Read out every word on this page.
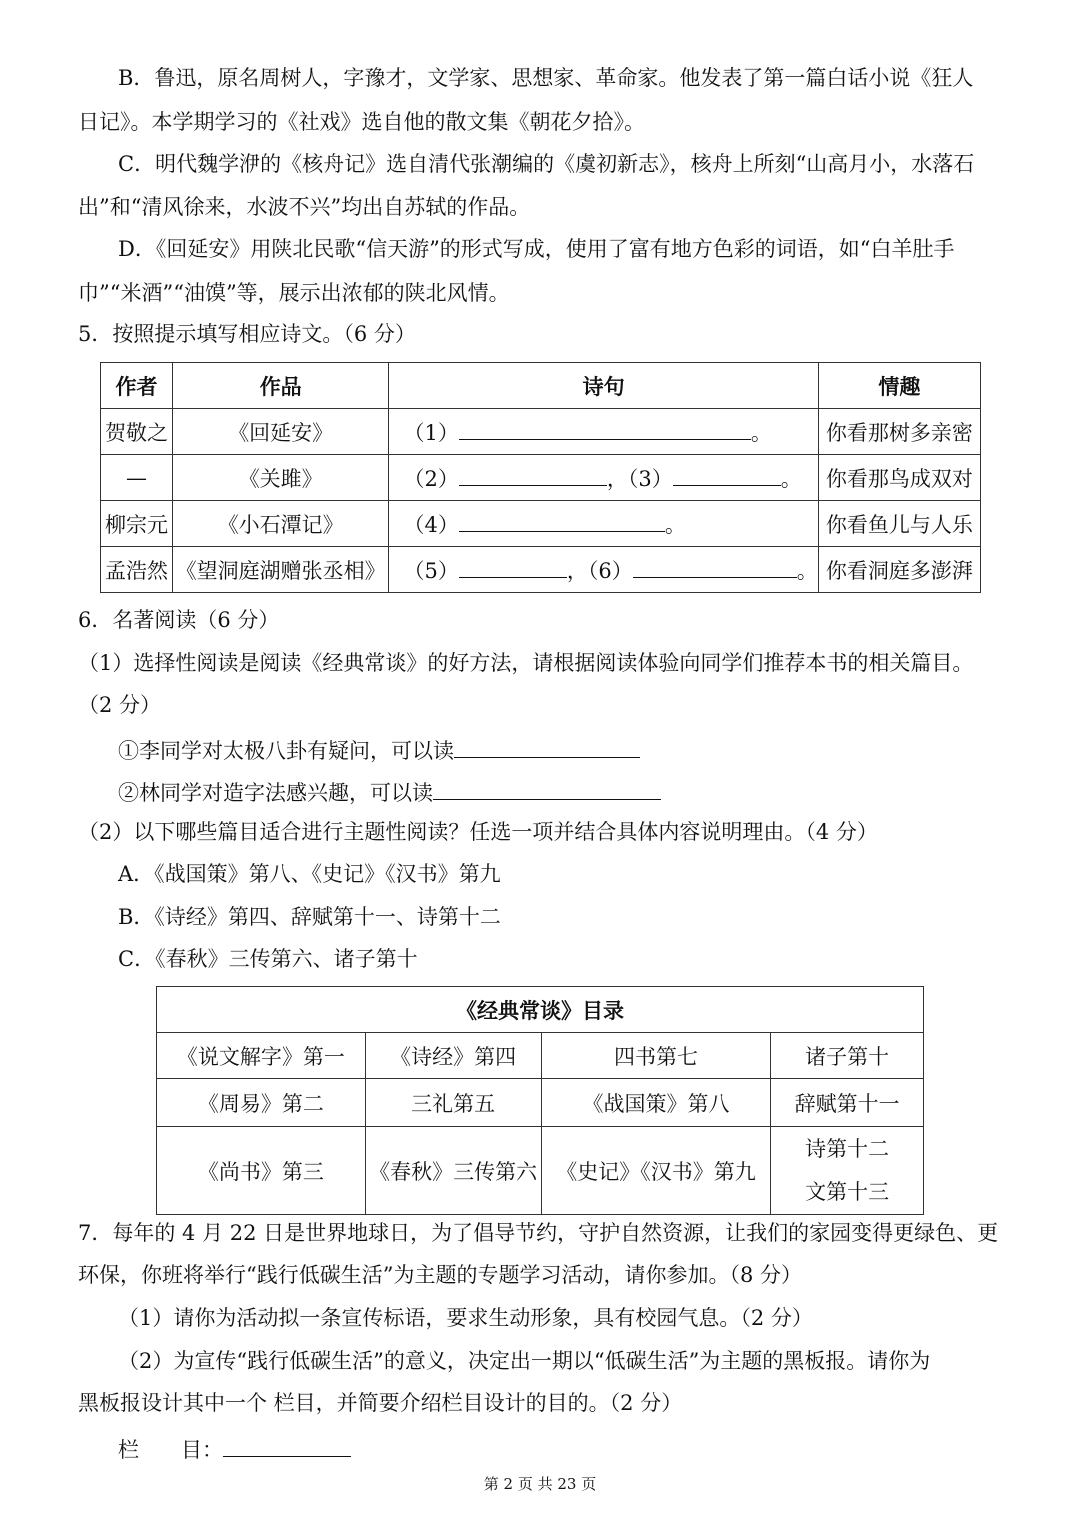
B．鲁迅，原名周树人，字豫才，文学家、思想家、革命家。他发表了第一篇白话小说《狂人
日记》。本学期学习的《社戏》选自他的散文集《朝花夕拾》。
C．明代魏学洢的《核舟记》选自清代张潮编的《虞初新志》，核舟上所刻“山高月小，水落石
出”和“清风徐来，水波不兴”均出自苏轼的作品。
D．《回延安》用陕北民歌“信天游”的形式写成，使用了富有地方色彩的词语，如“白羊肚手
巾”“米酒”“油馍”等，展示出浓郁的陕北风情。
5．按照提示填写相应诗文。（6 分）
作者	作品	诗句	情趣
贺敬之	《回延安》	（1） 。	你看那树多亲密
—	《关雎》	（2） ，（3） 。	你看那鸟成双对
柳宗元	《小石潭记》	（4） 。	你看鱼儿与人乐
孟浩然	《望洞庭湖赠张丞相》	（5） ，（6） 。	你看洞庭多澎湃
6．名著阅读（6 分）
（1）选择性阅读是阅读《经典常谈》的好方法，请根据阅读体验向同学们推荐本书的相关篇目。
（2 分）
①李同学对太极八卦有疑问，可以读
②林同学对造字法感兴趣，可以读
（2）以下哪些篇目适合进行主题性阅读？任选一项并结合具体内容说明理由。（4 分）
A．《战国策》第八、《史记》《汉书》第九
B．《诗经》第四、辞赋第十一、诗第十二
C．《春秋》三传第六、诸子第十
《经典常谈》目录			
《说文解字》第一	《诗经》第四	四书第七	诸子第十
《周易》第二	三礼第五	《战国策》第八	辞赋第十一
《尚书》第三	《春秋》三传第六	《史记》《汉书》第九	诗第十二
文第十三
7．每年的 4 月 22 日是世界地球日，为了倡导节约，守护自然资源，让我们的家园变得更绿色、更
环保，你班将举行“践行低碳生活”为主题的专题学习活动，请你参加。（8 分）
（1）请你为活动拟一条宣传标语，要求生动形象，具有校园气息。（2 分）
（2）为宣传“践行低碳生活”的意义，决定出一期以“低碳生活”为主题的黑板报。请你为
黑板报设计其中一个 栏目，并简要介绍栏目设计的目的。（2 分）
栏　　目：
第 2 页 共 23 页
